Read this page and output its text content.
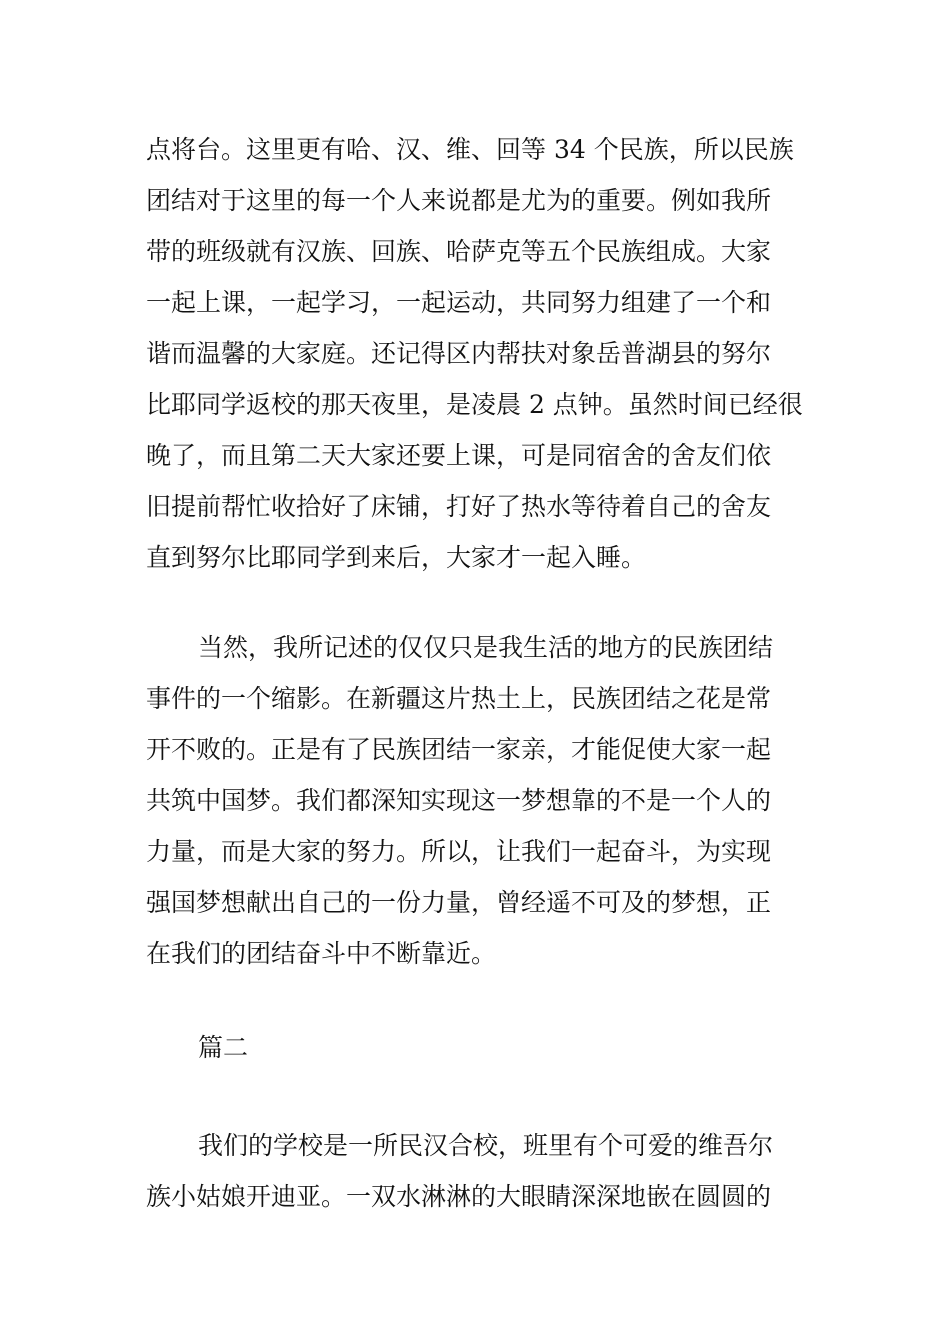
点将台。这里更有哈、汉、维、回等 34 个民族，所以民族
团结对于这里的每一个人来说都是尤为的重要。例如我所
带的班级就有汉族、回族、哈萨克等五个民族组成。大家
一起上课，一起学习，一起运动，共同努力组建了一个和
谐而温馨的大家庭。还记得区内帮扶对象岳普湖县的努尔
比耶同学返校的那天夜里，是凌晨 2 点钟。虽然时间已经很
晚了，而且第二天大家还要上课，可是同宿舍的舍友们依
旧提前帮忙收拾好了床铺，打好了热水等待着自己的舍友
直到努尔比耶同学到来后，大家才一起入睡。
当然，我所记述的仅仅只是我生活的地方的民族团结
事件的一个缩影。在新疆这片热土上，民族团结之花是常
开不败的。正是有了民族团结一家亲，才能促使大家一起
共筑中国梦。我们都深知实现这一梦想靠的不是一个人的
力量，而是大家的努力。所以，让我们一起奋斗，为实现
强国梦想献出自己的一份力量，曾经遥不可及的梦想，正
在我们的团结奋斗中不断靠近。
篇二
我们的学校是一所民汉合校，班里有个可爱的维吾尔
族小姑娘开迪亚。一双水淋淋的大眼睛深深地嵌在圆圆的
